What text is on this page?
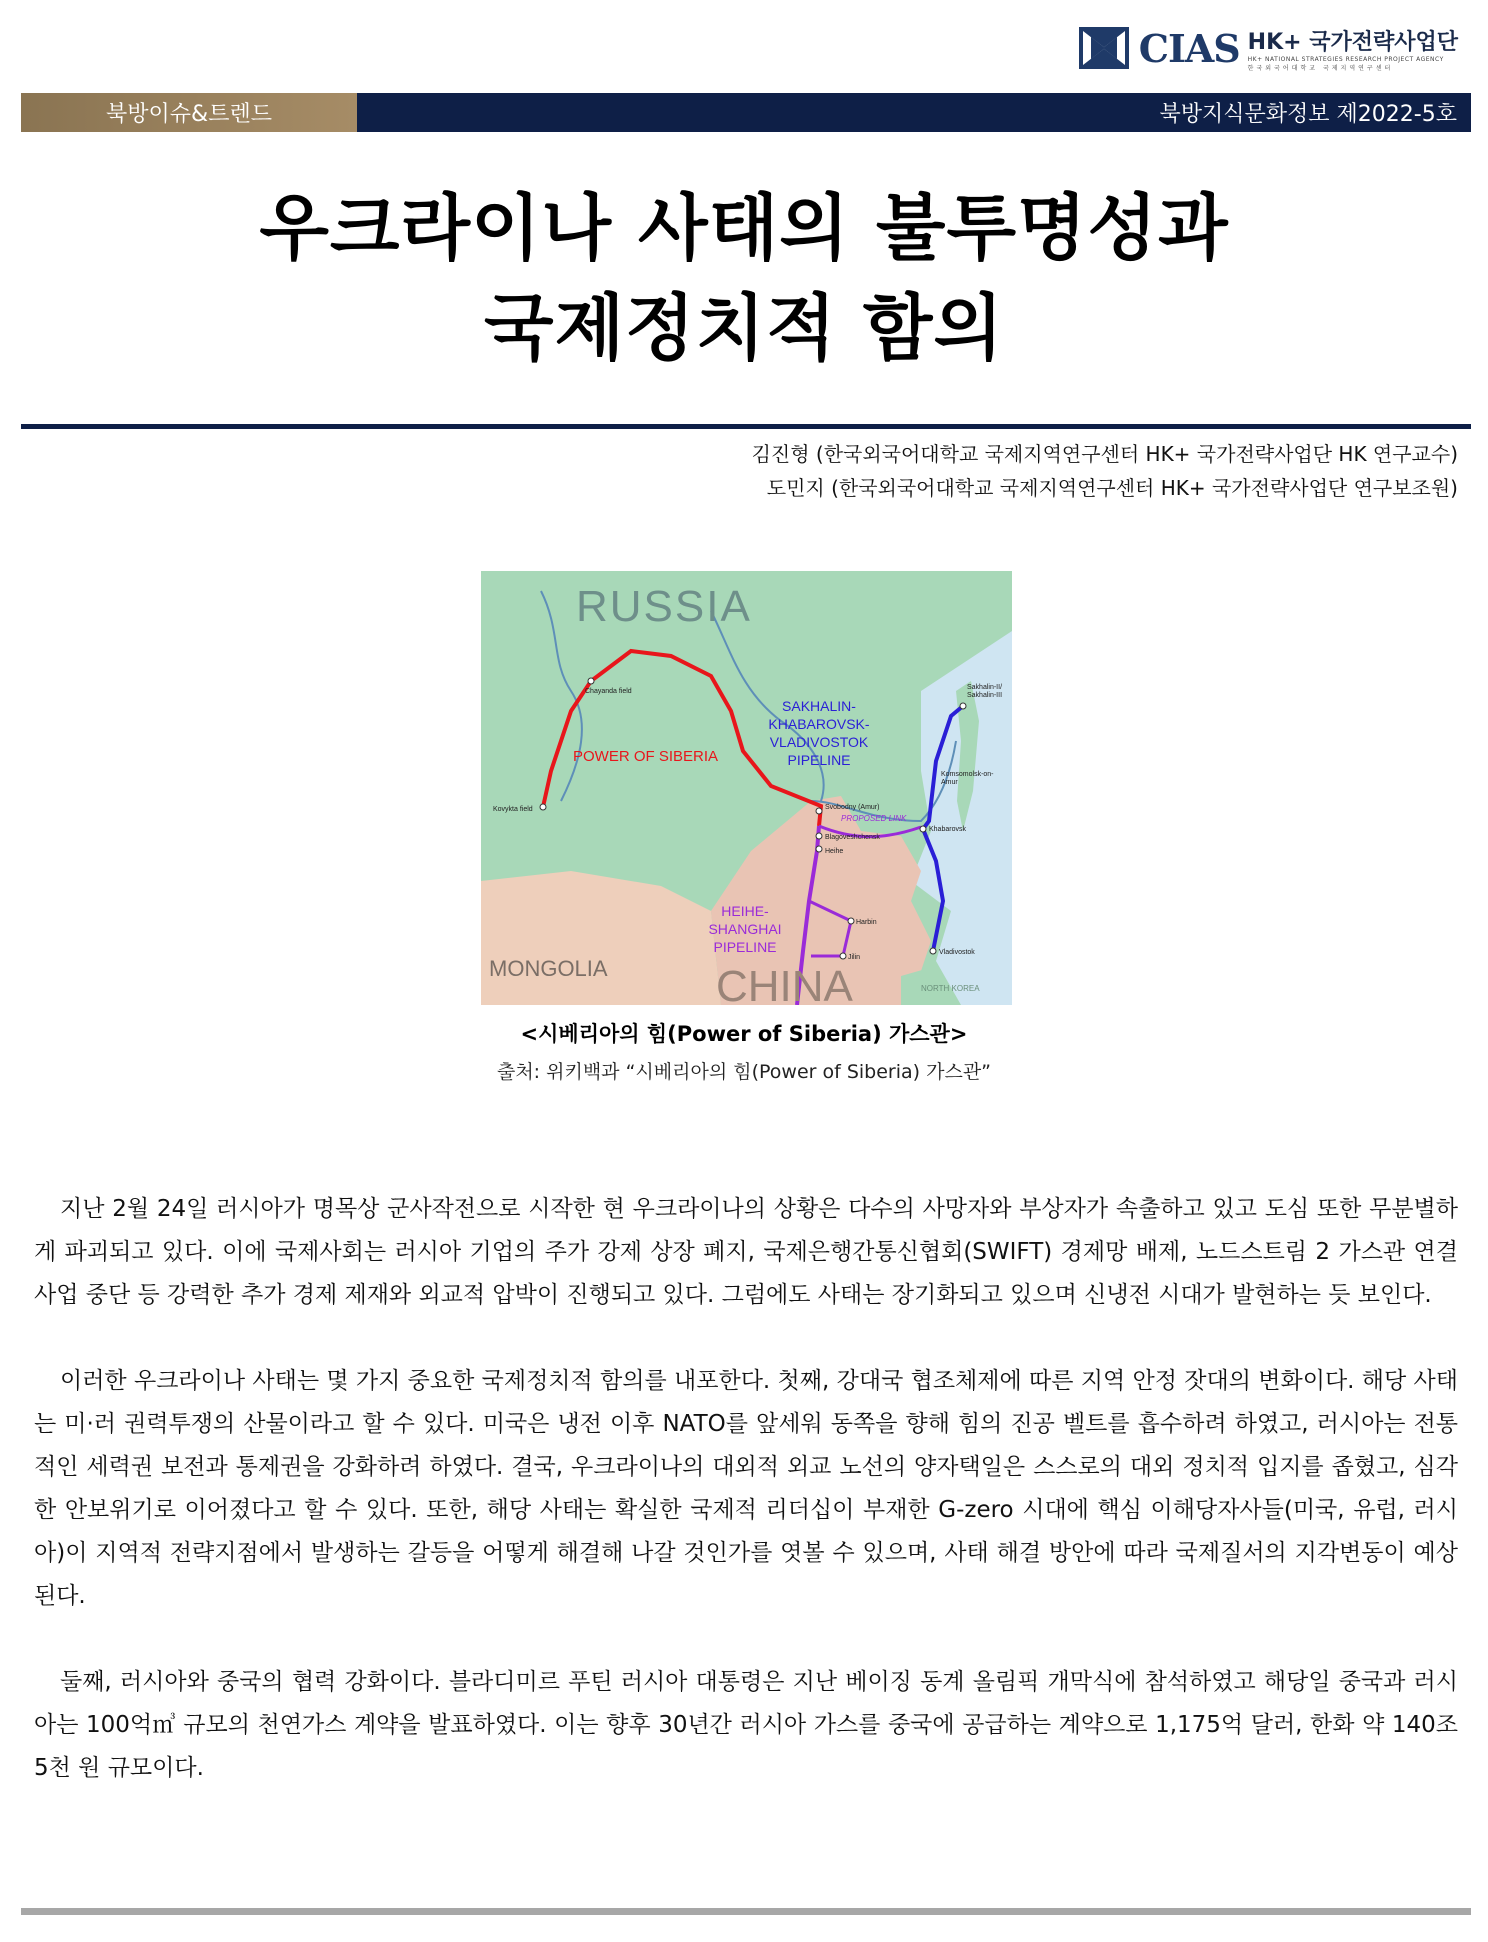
CIAS HK+ 국가전략사업단
HK+ NATIONAL STRATEGIES RESEARCH PROJECT AGENCY
한국외국어대학교 국제지역연구센터
북방이슈&트렌드	북방지식문화정보 제2022-5호
우크라이나 사태의 불투명성과
국제정치적 함의
김진형 (한국외국어대학교 국제지역연구센터 HK+ 국가전략사업단 HK 연구교수)
도민지 (한국외국어대학교 국제지역연구센터 HK+ 국가전략사업단 연구보조원)
RUSSIA
MONGOLIA CHINA	NORTH KOREA
POWER OF SIBERIA
SAKHALIN-
KHABAROVSK-
VLADIVOSTOK
PIPELINE
HEIHE-
SHANGHAI
PIPELINE
PROPOSED LINK
Chayanda field
Kovykta field	Svobodny (Amur)
Blagoveshchensk
Heihe
Khabarovsk
Komsomolsk-on-
Amur
Sakhalin-II/
Sakhalin-III
Harbin
Jilin
Vladivostok
<시베리아의 힘(Power of Siberia) 가스관>
출처: 위키백과 “시베리아의 힘(Power of Siberia) 가스관”

지난 2월 24일 러시아가 명목상 군사작전으로 시작한 현 우크라이나의 상황은 다수의 사망자와 부상자가 속출하고 있고 도심 또한 무분별하게 파괴되고 있다. 이에 국제사회는 러시아 기업의 주가 강제 상장 폐지, 국제은행간통신협회(SWIFT) 경제망 배제, 노드스트림 2 가스관 연결 사업 중단 등 강력한 추가 경제 제재와 외교적 압박이 진행되고 있다. 그럼에도 사태는 장기화되고 있으며 신냉전 시대가 발현하는 듯 보인다.

이러한 우크라이나 사태는 몇 가지 중요한 국제정치적 함의를 내포한다. 첫째, 강대국 협조체제에 따른 지역 안정 잣대의 변화이다. 해당 사태는 미·러 권력투쟁의 산물이라고 할 수 있다. 미국은 냉전 이후 NATO를 앞세워 동쪽을 향해 힘의 진공 벨트를 흡수하려 하였고, 러시아는 전통적인 세력권 보전과 통제권을 강화하려 하였다. 결국, 우크라이나의 대외적 외교 노선의 양자택일은 스스로의 대외 정치적 입지를 좁혔고, 심각한 안보위기로 이어졌다고 할 수 있다. 또한, 해당 사태는 확실한 국제적 리더십이 부재한 G-zero 시대에 핵심 이해당자사들(미국, 유럽, 러시아)이 지역적 전략지점에서 발생하는 갈등을 어떻게 해결해 나갈 것인가를 엿볼 수 있으며, 사태 해결 방안에 따라 국제질서의 지각변동이 예상된다.

둘째, 러시아와 중국의 협력 강화이다. 블라디미르 푸틴 러시아 대통령은 지난 베이징 동계 올림픽 개막식에 참석하였고 해당일 중국과 러시아는 100억㎥ 규모의 천연가스 계약을 발표하였다. 이는 향후 30년간 러시아 가스를 중국에 공급하는 계약으로 1,175억 달러, 한화 약 140조 5천 원 규모이다.
